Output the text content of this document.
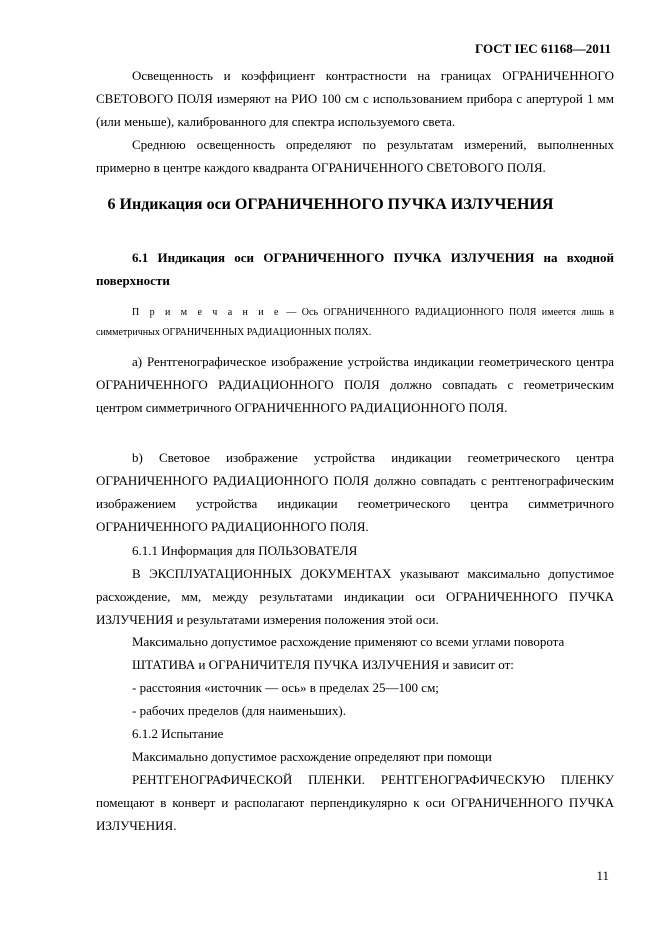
ГОСТ IEC 61168—2011

Освещенность и коэффициент контрастности на границах ОГРАНИЧЕННОГО СВЕТОВОГО ПОЛЯ измеряют на РИО 100 см с использованием прибора с апертурой 1 мм (или меньше), калиброванного для спектра используемого света.

Среднюю освещенность определяют по результатам измерений, выполненных примерно в центре каждого квадранта ОГРАНИЧЕННОГО СВЕТОВОГО ПОЛЯ.

6 Индикация оси ОГРАНИЧЕННОГО ПУЧКА ИЗЛУЧЕНИЯ

6.1 Индикация оси ОГРАНИЧЕННОГО ПУЧКА ИЗЛУЧЕНИЯ на входной поверхности

П р и м е ч а н и е — Ось ОГРАНИЧЕННОГО РАДИАЦИОННОГО ПОЛЯ имеется лишь в симметричных ОГРАНИЧЕННЫХ РАДИАЦИОННЫХ ПОЛЯХ.

а) Рентгенографическое изображение устройства индикации геометрического центра ОГРАНИЧЕННОГО РАДИАЦИОННОГО ПОЛЯ должно совпадать с геометрическим центром симметричного ОГРАНИЧЕННОГО РАДИАЦИОННОГО ПОЛЯ.

b) Световое изображение устройства индикации геометрического центра ОГРАНИЧЕННОГО РАДИАЦИОННОГО ПОЛЯ должно совпадать с рентгенографическим изображением устройства индикации геометрического центра симметричного ОГРАНИЧЕННОГО РАДИАЦИОННОГО ПОЛЯ.

6.1.1 Информация для ПОЛЬЗОВАТЕЛЯ

В ЭКСПЛУАТАЦИОННЫХ ДОКУМЕНТАХ указывают максимально допустимое расхождение, мм, между результатами индикации оси ОГРАНИЧЕННОГО ПУЧКА ИЗЛУЧЕНИЯ и результатами измерения положения этой оси.

Максимально допустимое расхождение применяют со всеми углами поворота

ШТАТИВА и ОГРАНИЧИТЕЛЯ ПУЧКА ИЗЛУЧЕНИЯ и зависит от:

- расстояния «источник — ось» в пределах 25—100 см;

- рабочих пределов (для наименьших).

6.1.2 Испытание

Максимально допустимое расхождение определяют при помощи

РЕНТГЕНОГРАФИЧЕСКОЙ ПЛЕНКИ. РЕНТГЕНОГРАФИЧЕСКУЮ ПЛЕНКУ помещают в конверт и располагают перпендикулярно к оси ОГРАНИЧЕННОГО ПУЧКА ИЗЛУЧЕНИЯ.

11
